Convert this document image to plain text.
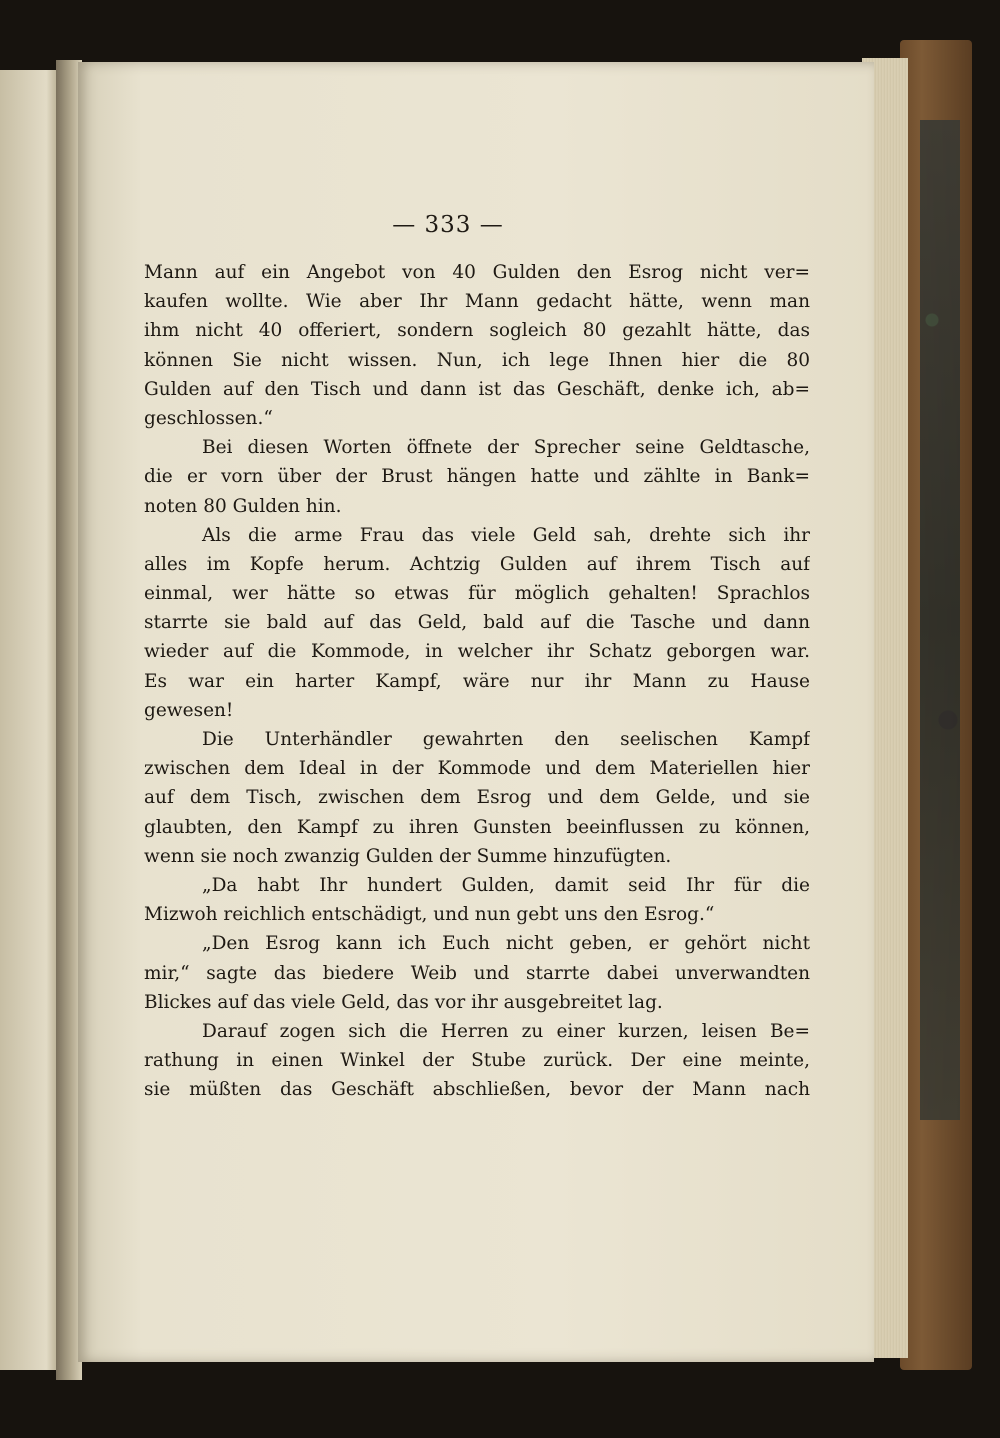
— 333 —
Mann auf ein Angebot von 40 Gulden den Esrog nicht ver=
kaufen wollte. Wie aber Ihr Mann gedacht hätte, wenn man
ihm nicht 40 offeriert, sondern sogleich 80 gezahlt hätte, das
können Sie nicht wissen. Nun, ich lege Ihnen hier die 80
Gulden auf den Tisch und dann ist das Geschäft, denke ich, ab=
geschlossen.“
Bei diesen Worten öffnete der Sprecher seine Geldtasche,
die er vorn über der Brust hängen hatte und zählte in Bank=
noten 80 Gulden hin.
Als die arme Frau das viele Geld sah, drehte sich ihr
alles im Kopfe herum. Achtzig Gulden auf ihrem Tisch auf
einmal, wer hätte so etwas für möglich gehalten! Sprachlos
starrte sie bald auf das Geld, bald auf die Tasche und dann
wieder auf die Kommode, in welcher ihr Schatz geborgen war.
Es war ein harter Kampf, wäre nur ihr Mann zu Hause
gewesen!
Die Unterhändler gewahrten den seelischen Kampf
zwischen dem Ideal in der Kommode und dem Materiellen hier
auf dem Tisch, zwischen dem Esrog und dem Gelde, und sie
glaubten, den Kampf zu ihren Gunsten beeinflussen zu können,
wenn sie noch zwanzig Gulden der Summe hinzufügten.
„Da habt Ihr hundert Gulden, damit seid Ihr für die
Mizwoh reichlich entschädigt, und nun gebt uns den Esrog.“
„Den Esrog kann ich Euch nicht geben, er gehört nicht
mir,“ sagte das biedere Weib und starrte dabei unverwandten
Blickes auf das viele Geld, das vor ihr ausgebreitet lag.
Darauf zogen sich die Herren zu einer kurzen, leisen Be=
rathung in einen Winkel der Stube zurück. Der eine meinte,
sie müßten das Geschäft abschließen, bevor der Mann nach
